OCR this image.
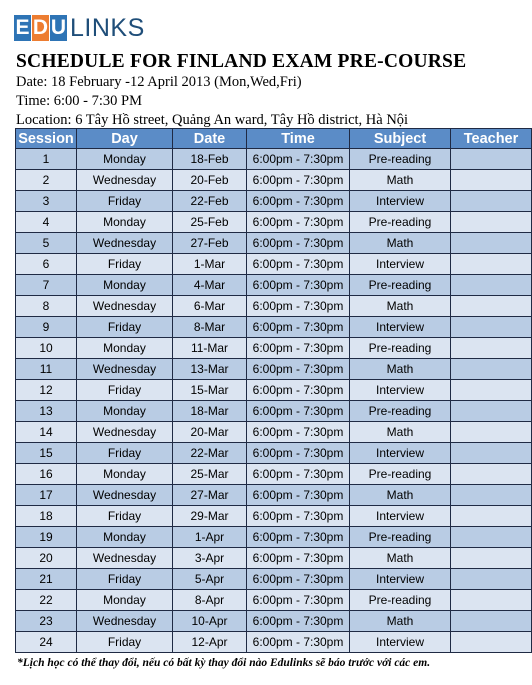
E D U LINKS
SCHEDULE FOR FINLAND EXAM PRE-COURSE
Date: 18 February -12 April 2013 (Mon,Wed,Fri)
Time: 6:00 - 7:30 PM
Location: 6 Tây Hồ street, Quảng An ward, Tây Hồ district, Hà Nội
Session	Day	Date	Time	Subject	Teacher
1	Monday	18-Feb	6:00pm - 7:30pm	Pre-reading	
2	Wednesday	20-Feb	6:00pm - 7:30pm	Math	
3	Friday	22-Feb	6:00pm - 7:30pm	Interview	
4	Monday	25-Feb	6:00pm - 7:30pm	Pre-reading	
5	Wednesday	27-Feb	6:00pm - 7:30pm	Math	
6	Friday	1-Mar	6:00pm - 7:30pm	Interview	
7	Monday	4-Mar	6:00pm - 7:30pm	Pre-reading	
8	Wednesday	6-Mar	6:00pm - 7:30pm	Math	
9	Friday	8-Mar	6:00pm - 7:30pm	Interview	
10	Monday	11-Mar	6:00pm - 7:30pm	Pre-reading	
11	Wednesday	13-Mar	6:00pm - 7:30pm	Math	
12	Friday	15-Mar	6:00pm - 7:30pm	Interview	
13	Monday	18-Mar	6:00pm - 7:30pm	Pre-reading	
14	Wednesday	20-Mar	6:00pm - 7:30pm	Math	
15	Friday	22-Mar	6:00pm - 7:30pm	Interview	
16	Monday	25-Mar	6:00pm - 7:30pm	Pre-reading	
17	Wednesday	27-Mar	6:00pm - 7:30pm	Math	
18	Friday	29-Mar	6:00pm - 7:30pm	Interview	
19	Monday	1-Apr	6:00pm - 7:30pm	Pre-reading	
20	Wednesday	3-Apr	6:00pm - 7:30pm	Math	
21	Friday	5-Apr	6:00pm - 7:30pm	Interview	
22	Monday	8-Apr	6:00pm - 7:30pm	Pre-reading	
23	Wednesday	10-Apr	6:00pm - 7:30pm	Math	
24	Friday	12-Apr	6:00pm - 7:30pm	Interview	
*Lịch học có thể thay đổi, nếu có bất kỳ thay đổi nào Edulinks sẽ báo trước với các em.
